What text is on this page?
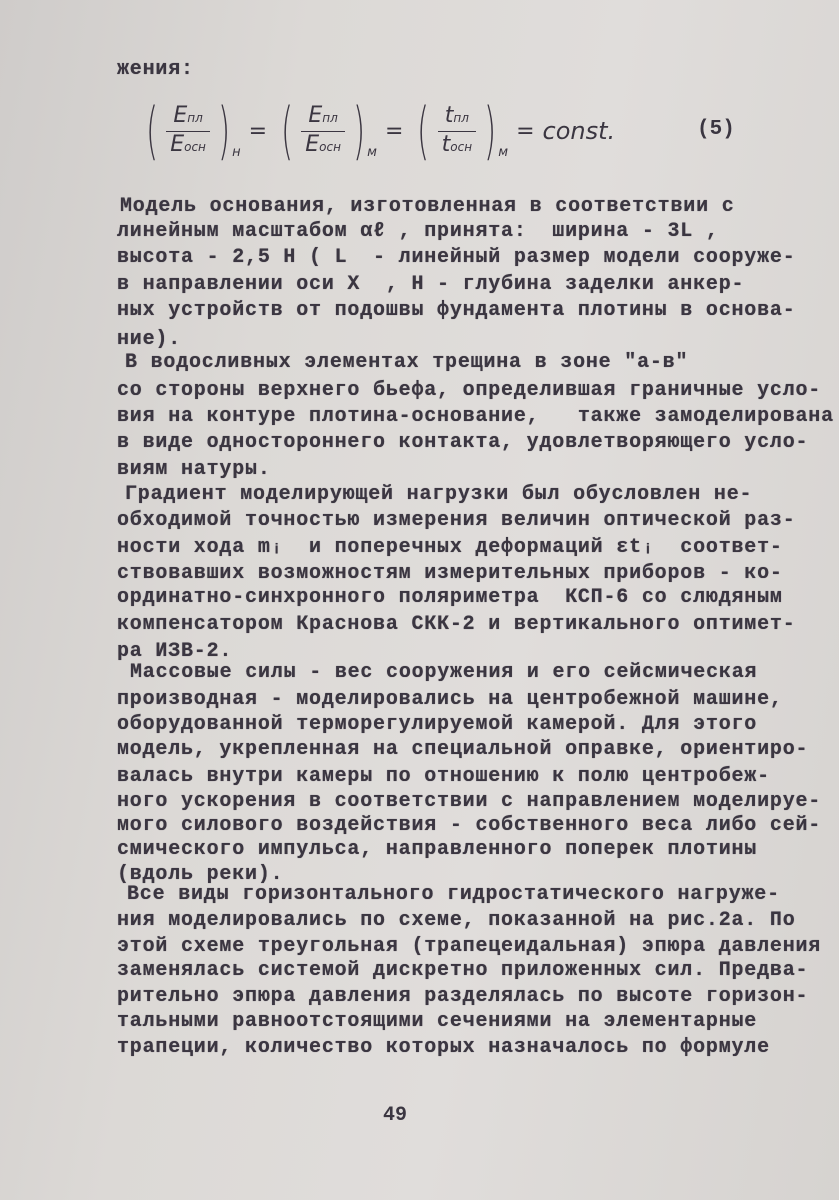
жения:
( $\frac{\text{Eпл}}{\text{Eосн}}$ ) н
= ( $\frac{\text{Eпл}}{\text{Eосн}}$ ) м
= ( $\frac{\text{tпл}}{\text{tосн}}$ ) м
= const.	(5)
Модель основания, изготовленная в соответствии с
линейным масштабом αℓ , принята:  ширина - 3L ,
высота - 2,5 Н ( L  - линейный размер модели сооруже-
в направлении оси X  , Н - глубина заделки анкер-
ных устройств от подошвы фундамента плотины в основа-
ние).
В водосливных элементах трещина в зоне "а-в"
со стороны верхнего бьефа, определившая граничные усло-
вия на контуре плотина-основание,   также замоделирована
в виде одностороннего контакта, удовлетворяющего усло-
виям натуры.
Градиент моделирующей нагрузки был обусловлен не-
обходимой точностью измерения величин оптической раз-
ности хода mᵢ  и поперечных деформаций εtᵢ  соответ-
ствовавших возможностям измерительных приборов - ко-
ординатно-синхронного поляриметра  КСП-6 со слюдяным
компенсатором Краснова СКК-2 и вертикального оптимет-
ра ИЗВ-2.
Массовые силы - вес сооружения и его сейсмическая
производная - моделировались на центробежной машине,
оборудованной терморегулируемой камерой. Для этого
модель, укрепленная на специальной оправке, ориентиро-
валась внутри камеры по отношению к полю центробеж-
ного ускорения в соответствии с направлением моделируе-
мого силового воздействия - собственного веса либо сей-
смического импульса, направленного поперек плотины
(вдоль реки).
Все виды горизонтального гидростатического нагруже-
ния моделировались по схеме, показанной на рис.2а. По
этой схеме треугольная (трапецеидальная) эпюра давления
заменялась системой дискретно приложенных сил. Предва-
рительно эпюра давления разделялась по высоте горизон-
тальными равноотстоящими сечениями на элементарные
трапеции, количество которых назначалось по формуле
49
